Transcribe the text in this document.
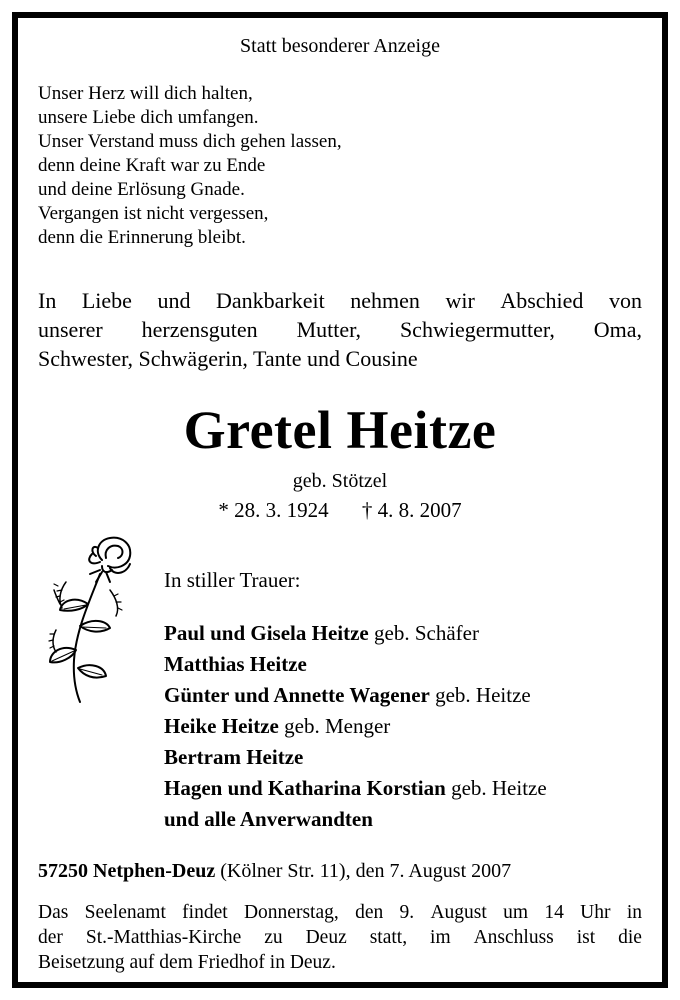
Statt besonderer Anzeige
Unser Herz will dich halten,
unsere Liebe dich umfangen.
Unser Verstand muss dich gehen lassen,
denn deine Kraft war zu Ende
und deine Erlösung Gnade.
Vergangen ist nicht vergessen,
denn die Erinnerung bleibt.
In Liebe und Dankbarkeit nehmen wir Abschied von
unserer herzensguten Mutter, Schwiegermutter, Oma,
Schwester, Schwägerin, Tante und Cousine
Gretel Heitze
geb. Stötzel
* 28. 3. 1924 † 4. 8. 2007
In stiller Trauer:
Paul und Gisela Heitze geb. Schäfer
Matthias Heitze
Günter und Annette Wagener geb. Heitze
Heike Heitze geb. Menger
Bertram Heitze
Hagen und Katharina Korstian geb. Heitze
und alle Anverwandten
57250 Netphen-Deuz (Kölner Str. 11), den 7. August 2007
Das Seelenamt findet Donnerstag, den 9. August um 14 Uhr in
der St.-Matthias-Kirche zu Deuz statt, im Anschluss ist die
Beisetzung auf dem Friedhof in Deuz.
